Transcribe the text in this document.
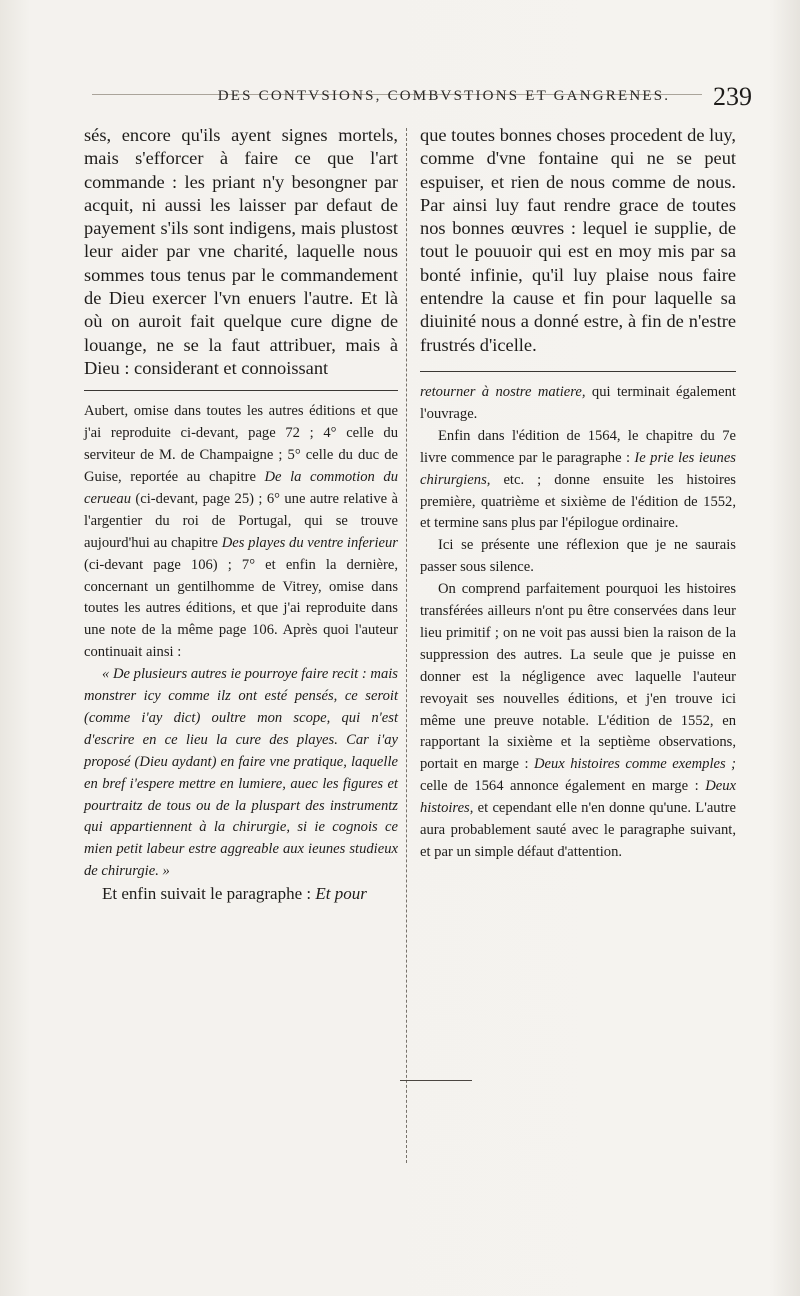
DES CONTVSIONS, COMBVSTIONS ET GANGRENES.	239

sés, encore qu'ils ayent signes mortels, mais s'efforcer à faire ce que l'art commande : les priant n'y besongner par acquit, ni aussi les laisser par defaut de payement s'ils sont indigens, mais plustost leur aider par vne charité, laquelle nous sommes tous tenus par le commandement de Dieu exercer l'vn enuers l'autre. Et là où on auroit fait quelque cure digne de louange, ne se la faut attribuer, mais à Dieu : considerant et connoissant

Aubert, omise dans toutes les autres éditions et que j'ai reproduite ci-devant, page 72 ; 4° celle du serviteur de M. de Champaigne ; 5° celle du duc de Guise, reportée au chapitre De la commotion du cerueau (ci-devant, page 25) ; 6° une autre relative à l'argentier du roi de Portugal, qui se trouve aujourd'hui au chapitre Des playes du ventre inferieur (ci-devant page 106) ; 7° et enfin la dernière, concernant un gentilhomme de Vitrey, omise dans toutes les autres éditions, et que j'ai reproduite dans une note de la même page 106. Après quoi l'auteur continuait ainsi :

« De plusieurs autres ie pourroye faire recit : mais monstrer icy comme ilz ont esté pensés, ce seroit (comme i'ay dict) oultre mon scope, qui n'est d'escrire en ce lieu la cure des playes. Car i'ay proposé (Dieu aydant) en faire vne pratique, laquelle en bref i'espere mettre en lumiere, auec les figures et pourtraitz de tous ou de la pluspart des instrumentz qui appartiennent à la chirurgie, si ie cognois ce mien petit labeur estre aggreable aux ieunes studieux de chirurgie. »

Et enfin suivait le paragraphe : Et pour

que toutes bonnes choses procedent de luy, comme d'vne fontaine qui ne se peut espuiser, et rien de nous comme de nous. Par ainsi luy faut rendre grace de toutes nos bonnes œuvres : lequel ie supplie, de tout le pouuoir qui est en moy mis par sa bonté infinie, qu'il luy plaise nous faire entendre la cause et fin pour laquelle sa diuinité nous a donné estre, à fin de n'estre frustrés d'icelle.

retourner à nostre matiere, qui terminait également l'ouvrage.

Enfin dans l'édition de 1564, le chapitre du 7e livre commence par le paragraphe : Ie prie les ieunes chirurgiens, etc. ; donne ensuite les histoires première, quatrième et sixième de l'édition de 1552, et termine sans plus par l'épilogue ordinaire.

Ici se présente une réflexion que je ne saurais passer sous silence.

On comprend parfaitement pourquoi les histoires transférées ailleurs n'ont pu être conservées dans leur lieu primitif ; on ne voit pas aussi bien la raison de la suppression des autres. La seule que je puisse en donner est la négligence avec laquelle l'auteur revoyait ses nouvelles éditions, et j'en trouve ici même une preuve notable. L'édition de 1552, en rapportant la sixième et la septième observations, portait en marge : Deux histoires comme exemples ; celle de 1564 annonce également en marge : Deux histoires, et cependant elle n'en donne qu'une. L'autre aura probablement sauté avec le paragraphe suivant, et par un simple défaut d'attention.
